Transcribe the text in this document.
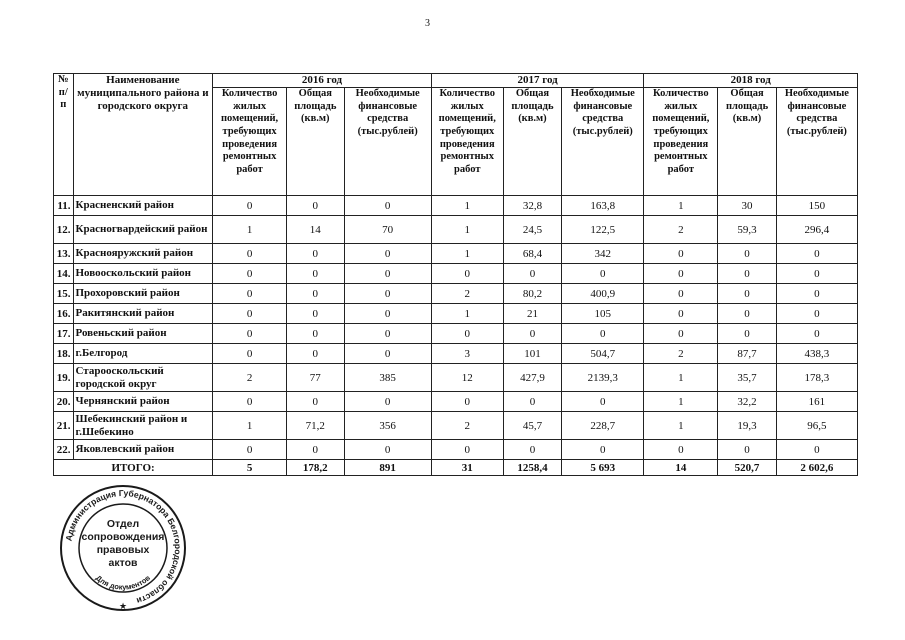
3
№ п/п	Наименование муниципального района и городского округа	2016 год			2017 год			2018 год		
		Количество жилых помещений, требующих проведения ремонтных работ	Общая площадь (кв.м)	Необходимые финансовые средства (тыс.рублей)	Количество жилых помещений, требующих проведения ремонтных работ	Общая площадь (кв.м)	Необходимые финансовые средства (тыс.рублей)	Количество жилых помещений, требующих проведения ремонтных работ	Общая площадь (кв.м)	Необходимые финансовые средства (тыс.рублей)
11.	Красненский район	0	0	0	1	32,8	163,8	1	30	150
12.	Красногвардейский район	1	14	70	1	24,5	122,5	2	59,3	296,4
13.	Краснояружский район	0	0	0	1	68,4	342	0	0	0
14.	Новооскольский район	0	0	0	0	0	0	0	0	0
15.	Прохоровский район	0	0	0	2	80,2	400,9	0	0	0
16.	Ракитянский район	0	0	0	1	21	105	0	0	0
17.	Ровеньский район	0	0	0	0	0	0	0	0	0
18.	г.Белгород	0	0	0	3	101	504,7	2	87,7	438,3
19.	Старооскольский городской округ	2	77	385	12	427,9	2139,3	1	35,7	178,3
20.	Чернянский район	0	0	0	0	0	0	1	32,2	161
21.	Шебекинский район и г.Шебекино	1	71,2	356	2	45,7	228,7	1	19,3	96,5
22.	Яковлевский район	0	0	0	0	0	0	0	0	0
ИТОГО:		5	178,2	891	31	1258,4	5 693	14	520,7	2 602,6
Администрация Губернатора Белгородской области
Отдел
сопровождения
правовых
актов
Для документов
★
